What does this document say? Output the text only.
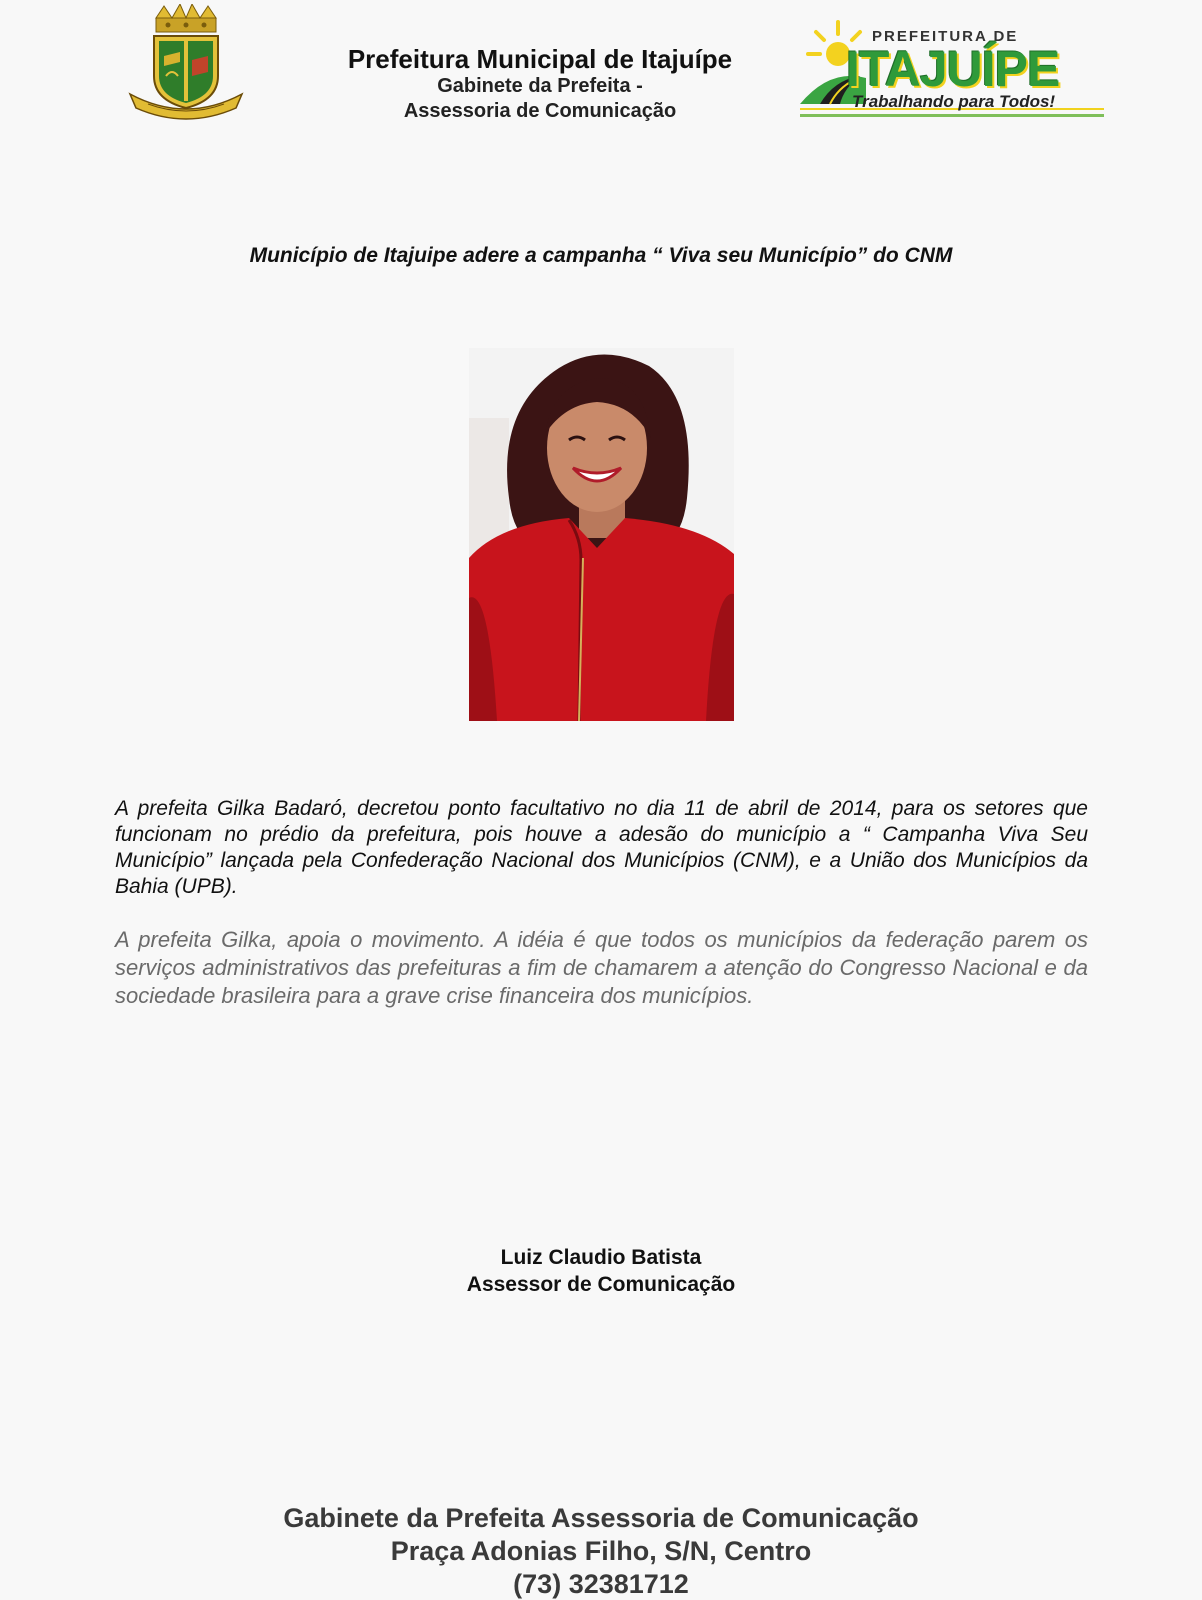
Prefeitura Municipal de Itajuípe
Gabinete da Prefeita -
Assessoria de Comunicação
PREFEITURA DE
ITAJUÍPE
Trabalhando para Todos!
Município de Itajuipe adere a campanha “ Viva seu Município” do CNM
A prefeita Gilka Badaró, decretou ponto facultativo no dia 11 de abril de 2014, para os setores que funcionam no prédio da prefeitura, pois houve a adesão do município a “ Campanha Viva Seu Município” lançada pela Confederação Nacional dos Municípios (CNM), e a União dos Municípios da Bahia (UPB).
A prefeita Gilka, apoia o movimento. A idéia é que todos os municípios da federação parem os serviços administrativos das prefeituras a fim de chamarem a atenção do Congresso Nacional e da sociedade brasileira para a grave crise financeira dos municípios.
Luiz Claudio Batista
Assessor de Comunicação
Gabinete da Prefeita Assessoria de Comunicação
Praça Adonias Filho, S/N, Centro
(73) 32381712
